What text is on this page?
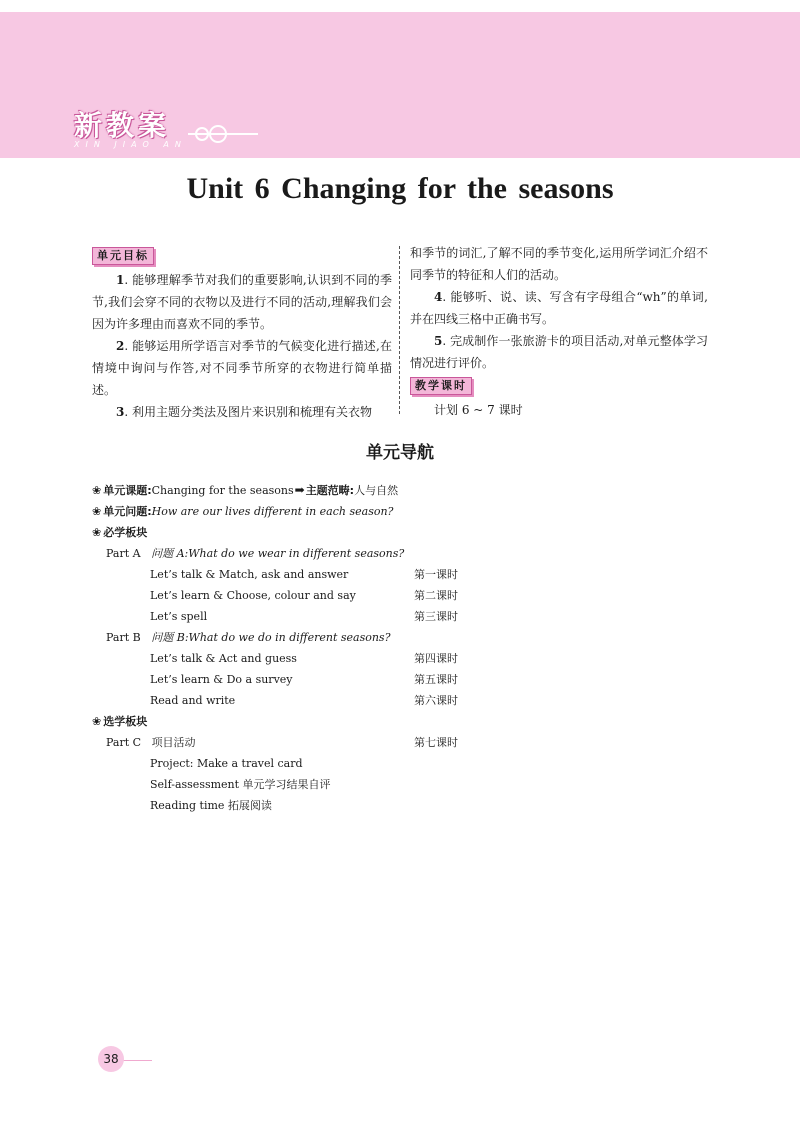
新教案
XIN JIAO AN
Unit 6 Changing for the seasons
单元目标

1. 能够理解季节对我们的重要影响,认识到不同的季节,我们会穿不同的衣物以及进行不同的活动,理解我们会因为许多理由而喜欢不同的季节。

2. 能够运用所学语言对季节的气候变化进行描述,在情境中询问与作答,对不同季节所穿的衣物进行简单描述。

3. 利用主题分类法及图片来识别和梳理有关衣物

和季节的词汇,了解不同的季节变化,运用所学词汇介绍不同季节的特征和人们的活动。

4. 能够听、说、读、写含有字母组合“wh”的单词,并在四线三格中正确书写。

5. 完成制作一张旅游卡的项目活动,对单元整体学习情况进行评价。

教学课时

计划 6 ~ 7 课时

单元导航
❀ 单元课题:Changing for the seasons➡主题范畴:人与自然
❀ 单元问题:How are our lives different in each season?
❀ 必学板块
Part A 问题 A:What do we wear in different seasons?
Let’s talk & Match, ask and answer	第一课时
Let’s learn & Choose, colour and say	第二课时
Let’s spell	第三课时
Part B 问题 B:What do we do in different seasons?
Let’s talk & Act and guess	第四课时
Let’s learn & Do a survey	第五课时
Read and write	第六课时
❀ 选学板块
Part C 项目活动	第七课时
Project: Make a travel card
Self-assessment 单元学习结果自评
Reading time 拓展阅读
38
